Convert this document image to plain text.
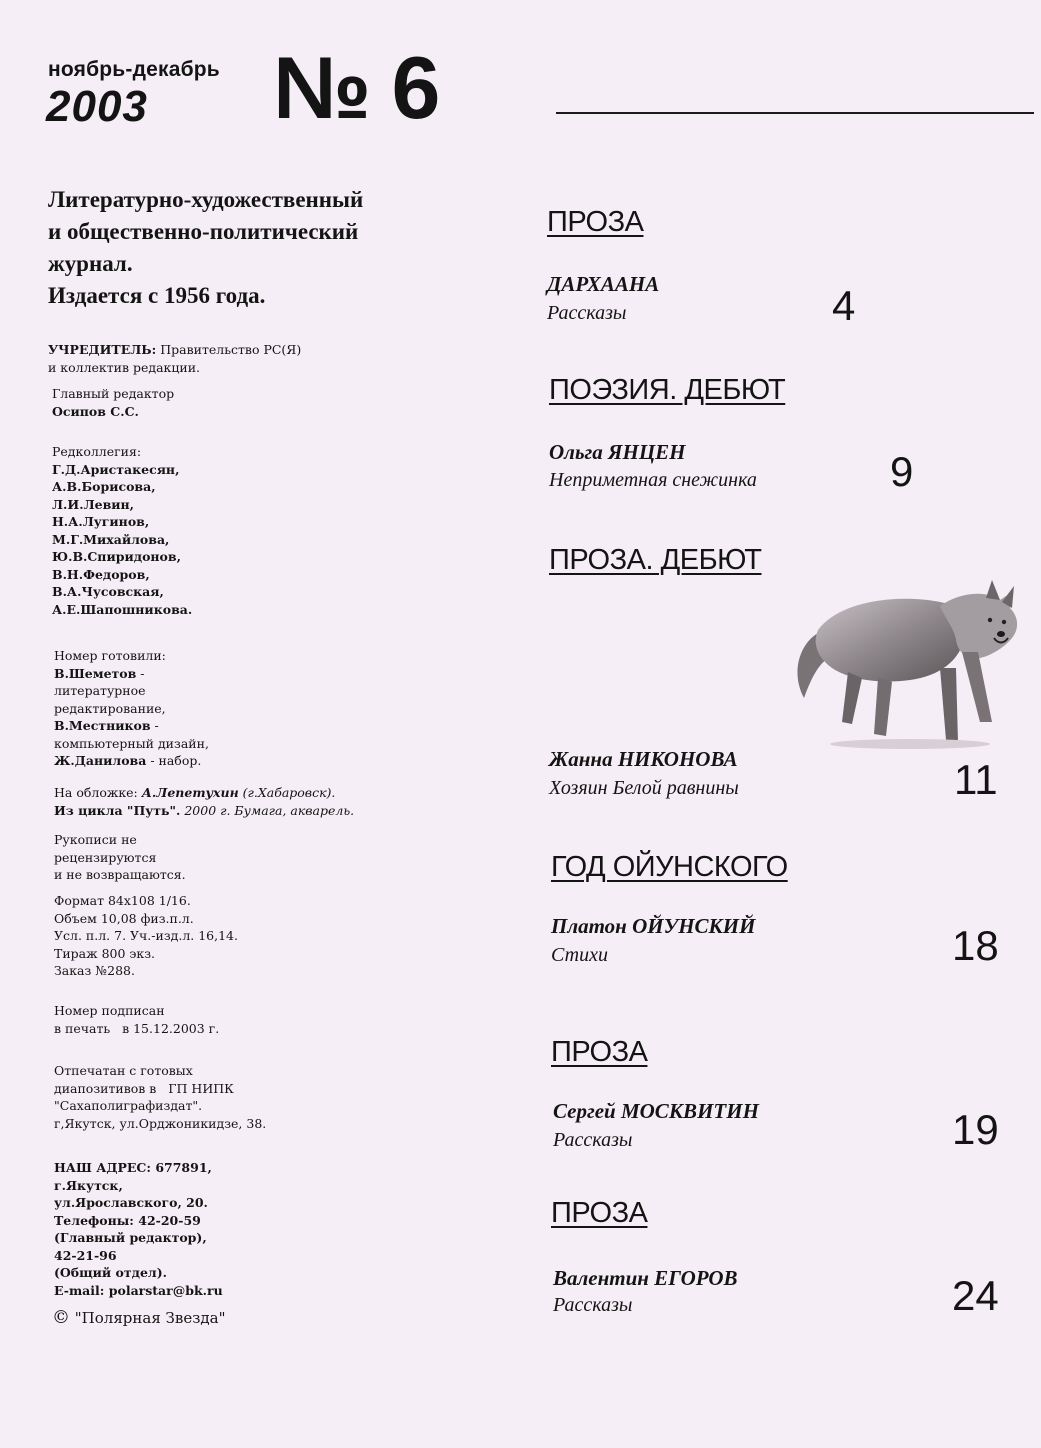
ноябрь-декабрь
2003 № 6
Литературно-художественный
и общественно-политический
журнал.
Издается с 1956 года.
УЧРЕДИТЕЛЬ: Правительство РС(Я)
и коллектив редакции.
Главный редактор
Осипов С.С.
Редколлегия:
Г.Д.Аристакесян,
А.В.Борисова,
Л.И.Левин,
Н.А.Лугинов,
М.Г.Михайлова,
Ю.В.Спиридонов,
В.Н.Федоров,
В.А.Чусовская,
А.Е.Шапошникова.
Номер готовили:
В.Шеметов -
литературное
редактирование,
В.Местников -
компьютерный дизайн,
Ж.Данилова - набор.
На обложке: А.Лепетухин (г.Хабаровск).
Из цикла "Путь". 2000 г. Бумага, акварель.
Рукописи не
рецензируются
и не возвращаются.
Формат 84х108 1/16.
Объем 10,08 физ.п.л.
Усл. п.л. 7. Уч.-изд.л. 16,14.
Тираж 800 экз.
Заказ №288.
Номер подписан
в печать   в 15.12.2003 г.
Отпечатан с готовых
диапозитивов в   ГП НИПК
"Сахаполиграфиздат".
г,Якутск, ул.Орджоникидзе, 38.
НАШ АДРЕС: 677891,
г.Якутск,
ул.Ярославского, 20.
Телефоны: 42-20-59
(Главный редактор),
42-21-96
(Общий отдел).
E-mail: polarstar@bk.ru
© "Полярная Звезда"
ПРОЗА
ДАРХААНА
Рассказы	4
ПОЭЗИЯ. ДЕБЮТ
Ольга ЯНЦЕН
Неприметная снежинка	9
ПРОЗА. ДЕБЮТ
Жанна НИКОНОВА
Хозяин Белой равнины	11
ГОД ОЙУНСКОГО
Платон ОЙУНСКИЙ
Стихи	18
ПРОЗА
Сергей МОСКВИТИН
Рассказы	19
ПРОЗА
Валентин ЕГОРОВ
Рассказы	24
